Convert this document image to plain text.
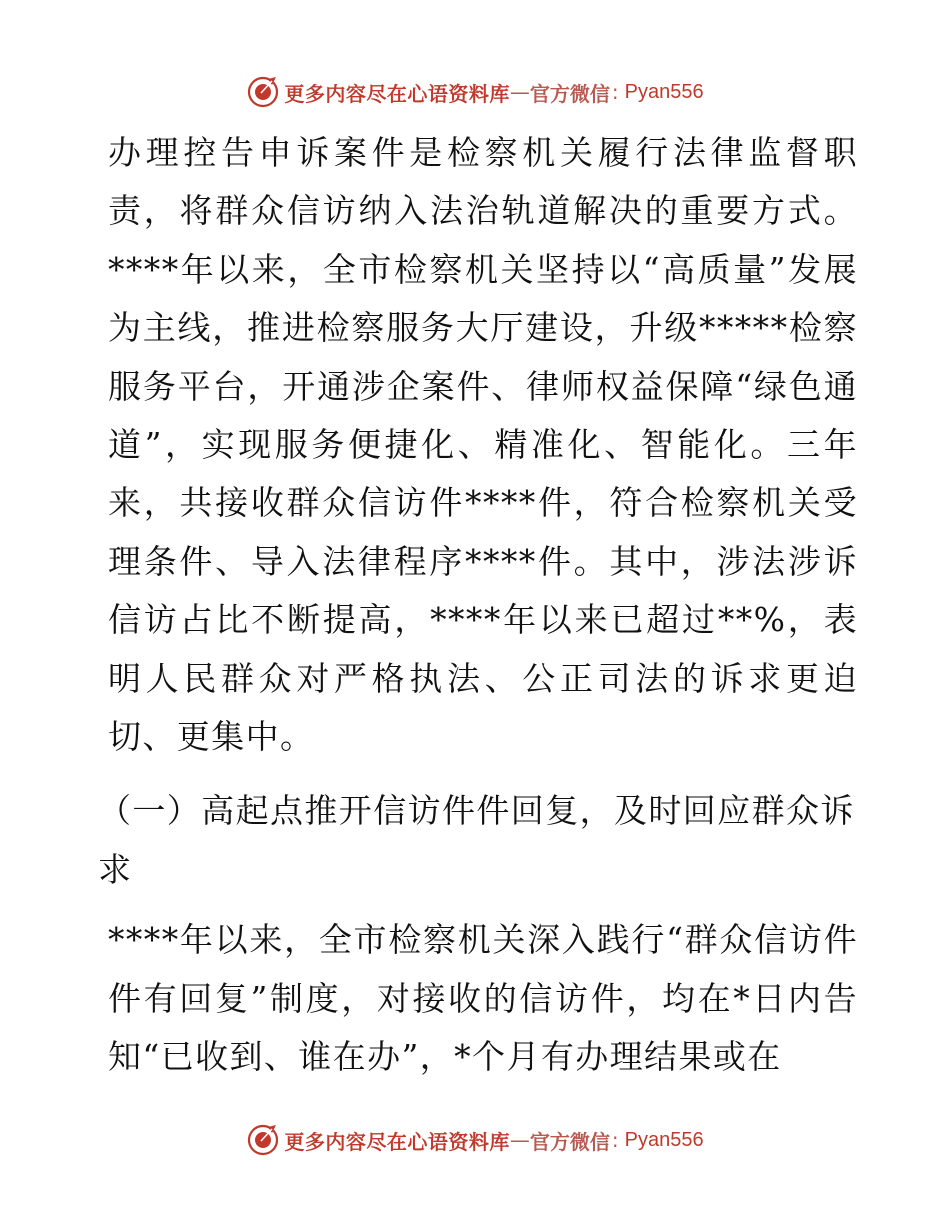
更多内容尽在心语资料库 — 官方微信 : Pyan556

办理控告申诉案件是检察机关履行法律监督职责，将群众信访纳入法治轨道解决的重要方式。****年以来，全市检察机关坚持以“高质量”发展为主线，推进检察服务大厅建设，升级*****检察服务平台，开通涉企案件、律师权益保障“绿色通道”，实现服务便捷化、精准化、智能化。三年来，共接收群众信访件****件，符合检察机关受理条件、导入法律程序****件。其中，涉法涉诉信访占比不断提高，****年以来已超过**%，表明人民群众对严格执法、公正司法的诉求更迫切、更集中。

（一）高起点推开信访件件回复，及时回应群众诉求

****年以来，全市检察机关深入践行“群众信访件件有回复”制度，对接收的信访件，均在*日内告知“已收到、谁在办”，*个月有办理结果或在

更多内容尽在心语资料库 — 官方微信 : Pyan556
